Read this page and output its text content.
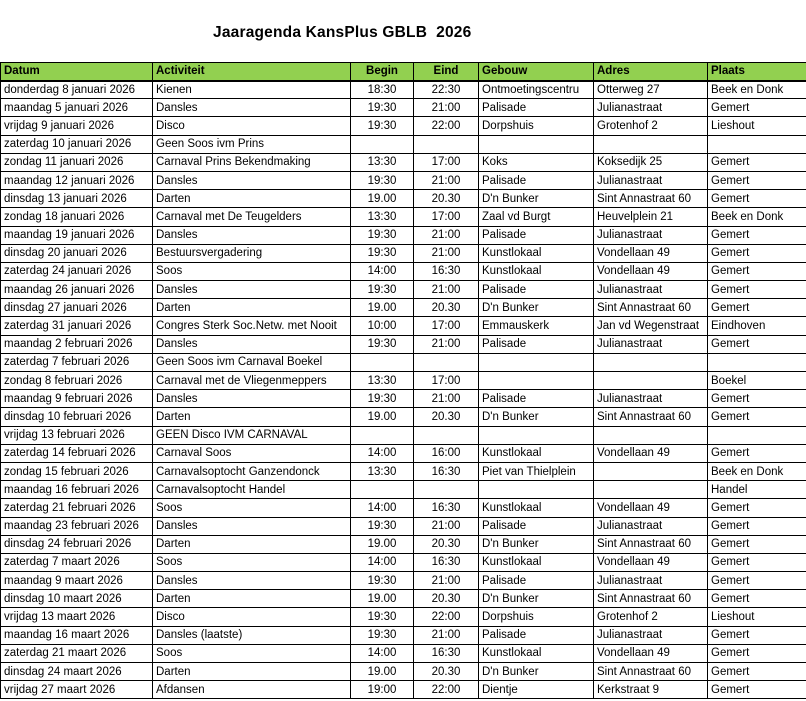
Jaaragenda KansPlus GBLB  2026
Datum	Activiteit	Begin	Eind	Gebouw	Adres	Plaats
donderdag 8 januari 2026	Kienen	18:30	22:30	Ontmoetingscentru	Otterweg 27	Beek en Donk
maandag 5 januari 2026	Dansles	19:30	21:00	Palisade	Julianastraat	Gemert
vrijdag 9 januari 2026	Disco	19:30	22:00	Dorpshuis	Grotenhof 2	Lieshout
zaterdag 10 januari 2026	Geen Soos ivm Prins					
zondag 11 januari 2026	Carnaval Prins Bekendmaking	13:30	17:00	Koks	Koksedijk 25	Gemert
maandag 12 januari 2026	Dansles	19:30	21:00	Palisade	Julianastraat	Gemert
dinsdag 13 januari 2026	Darten	19.00	20.30	D'n Bunker	Sint Annastraat 60	Gemert
zondag 18 januari 2026	Carnaval met De Teugelders	13:30	17:00	Zaal vd Burgt	Heuvelplein 21	Beek en Donk
maandag 19 januari 2026	Dansles	19:30	21:00	Palisade	Julianastraat	Gemert
dinsdag 20 januari 2026	Bestuursvergadering	19:30	21:00	Kunstlokaal	Vondellaan 49	Gemert
zaterdag 24 januari 2026	Soos	14:00	16:30	Kunstlokaal	Vondellaan 49	Gemert
maandag 26 januari 2026	Dansles	19:30	21:00	Palisade	Julianastraat	Gemert
dinsdag 27 januari 2026	Darten	19.00	20.30	D'n Bunker	Sint Annastraat 60	Gemert
zaterdag 31 januari 2026	Congres Sterk Soc.Netw. met Nooit	10:00	17:00	Emmauskerk	Jan vd Wegenstraat	Eindhoven
maandag 2 februari 2026	Dansles	19:30	21:00	Palisade	Julianastraat	Gemert
zaterdag 7 februari 2026	Geen Soos ivm Carnaval Boekel					
zondag 8 februari 2026	Carnaval met de Vliegenmeppers	13:30	17:00			Boekel
maandag 9 februari 2026	Dansles	19:30	21:00	Palisade	Julianastraat	Gemert
dinsdag 10 februari 2026	Darten	19.00	20.30	D'n Bunker	Sint Annastraat 60	Gemert
vrijdag 13 februari 2026	GEEN Disco IVM CARNAVAL					
zaterdag 14 februari 2026	Carnaval Soos	14:00	16:00	Kunstlokaal	Vondellaan 49	Gemert
zondag 15 februari 2026	Carnavalsoptocht Ganzendonck	13:30	16:30	Piet van Thielplein		Beek en Donk
maandag 16 februari 2026	Carnavalsoptocht Handel					Handel
zaterdag 21 februari 2026	Soos	14:00	16:30	Kunstlokaal	Vondellaan 49	Gemert
maandag 23 februari 2026	Dansles	19:30	21:00	Palisade	Julianastraat	Gemert
dinsdag 24 februari 2026	Darten	19.00	20.30	D'n Bunker	Sint Annastraat 60	Gemert
zaterdag 7 maart 2026	Soos	14:00	16:30	Kunstlokaal	Vondellaan 49	Gemert
maandag 9 maart 2026	Dansles	19:30	21:00	Palisade	Julianastraat	Gemert
dinsdag 10 maart 2026	Darten	19.00	20.30	D'n Bunker	Sint Annastraat 60	Gemert
vrijdag 13 maart 2026	Disco	19:30	22:00	Dorpshuis	Grotenhof 2	Lieshout
maandag 16 maart 2026	Dansles (laatste)	19:30	21:00	Palisade	Julianastraat	Gemert
zaterdag 21 maart 2026	Soos	14:00	16:30	Kunstlokaal	Vondellaan 49	Gemert
dinsdag 24 maart 2026	Darten	19.00	20.30	D'n Bunker	Sint Annastraat 60	Gemert
vrijdag 27 maart 2026	Afdansen	19:00	22:00	Dientje	Kerkstraat 9	Gemert
